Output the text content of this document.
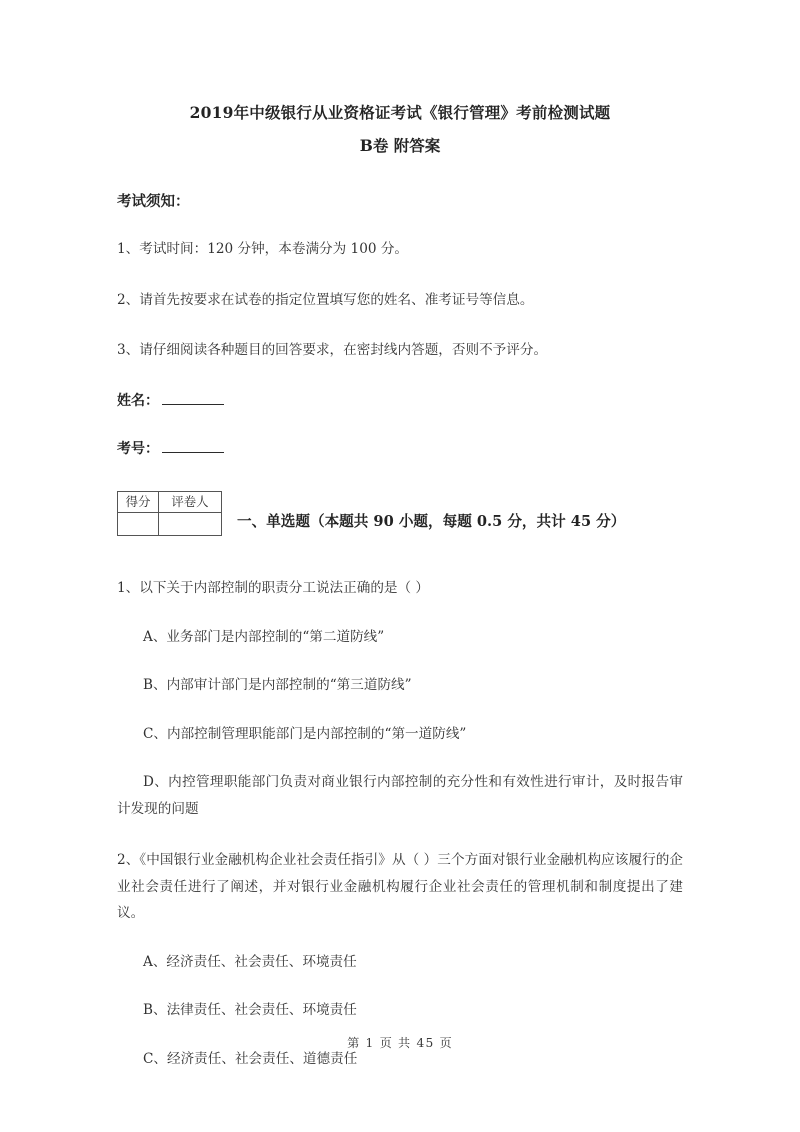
2019年中级银行从业资格证考试《银行管理》考前检测试题
B卷 附答案
考试须知：

1、考试时间：120 分钟，本卷满分为 100 分。

2、请首先按要求在试卷的指定位置填写您的姓名、准考证号等信息。

3、请仔细阅读各种题目的回答要求，在密封线内答题，否则不予评分。

姓名：
考号：
得分	评卷人

一、单选题（本题共 90 小题，每题 0.5 分，共计 45 分）

1、以下关于内部控制的职责分工说法正确的是（ ）

A、业务部门是内部控制的“第二道防线”

B、内部审计部门是内部控制的“第三道防线”

C、内部控制管理职能部门是内部控制的“第一道防线”

D、内控管理职能部门负责对商业银行内部控制的充分性和有效性进行审计，及时报告审计发现的问题

2、《中国银行业金融机构企业社会责任指引》从（ ）三个方面对银行业金融机构应该履行的企业社会责任进行了阐述，并对银行业金融机构履行企业社会责任的管理机制和制度提出了建议。

A、经济责任、社会责任、环境责任

B、法律责任、社会责任、环境责任

C、经济责任、社会责任、道德责任

第 1 页 共 45 页
